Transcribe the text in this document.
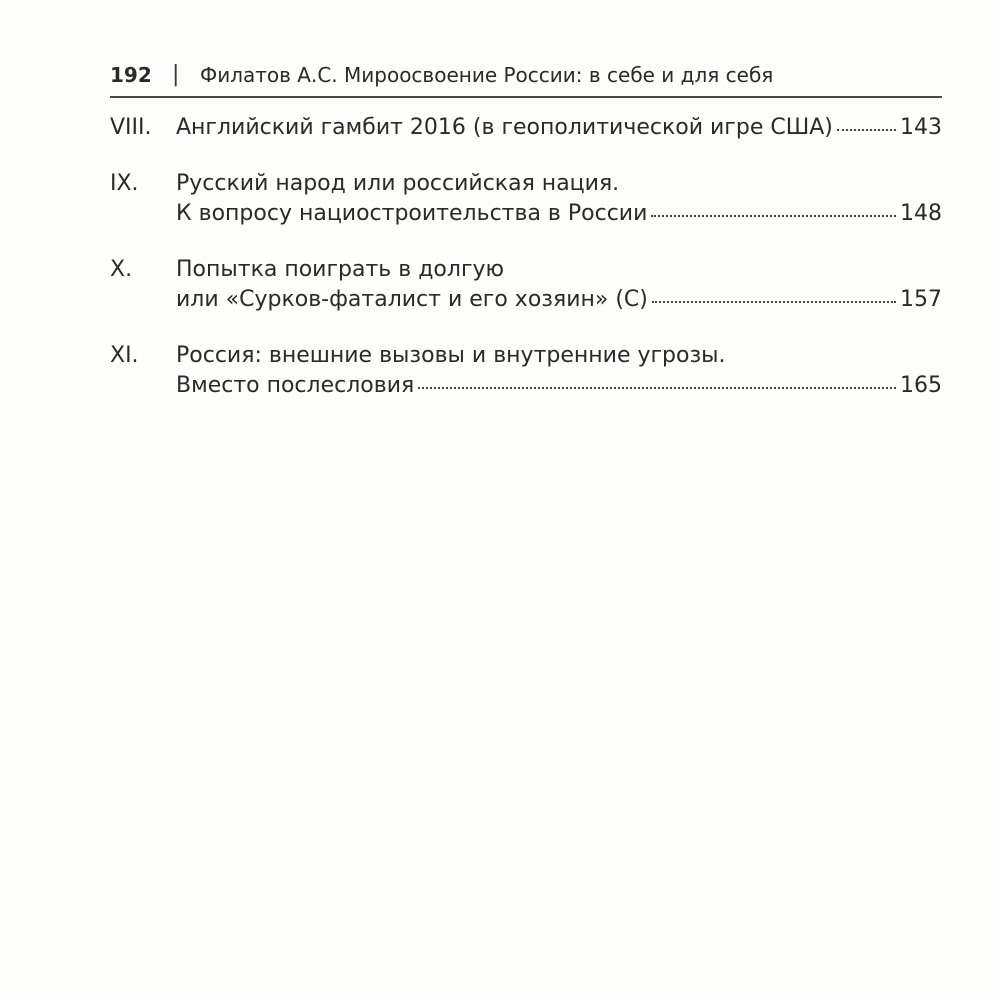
192 | Филатов А.С. Мироосвоение России: в себе и для себя
VIII. Английский гамбит 2016 (в геополитической игре США)	143
IX. Русский народ или российская нация.
К вопросу нациостроительства в России	148
X. Попытка поиграть в долгую
или «Сурков-фаталист и его хозяин» (С)	157
XI. Россия: внешние вызовы и внутренние угрозы.
Вместо послесловия	165
